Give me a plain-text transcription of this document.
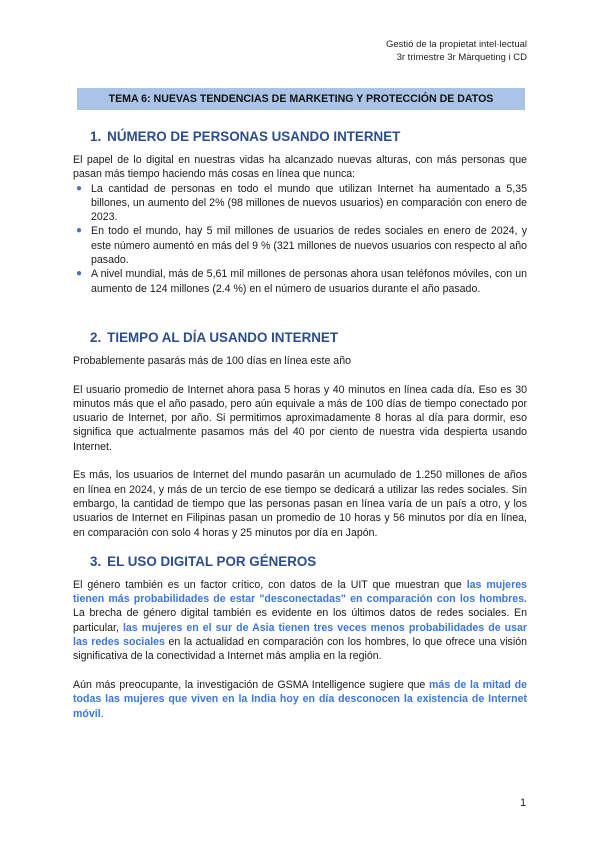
Gestió de la propietat intel·lectual
3r trimestre 3r Màrqueting i CD
TEMA 6: NUEVAS TENDENCIAS DE MARKETING Y PROTECCIÓN DE DATOS
1. NÚMERO DE PERSONAS USANDO INTERNET

El papel de lo digital en nuestras vidas ha alcanzado nuevas alturas, con más personas que pasan más tiempo haciendo más cosas en línea que nunca:

● La cantidad de personas en todo el mundo que utilizan Internet ha aumentado a 5,35 billones, un aumento del 2% (98 millones de nuevos usuarios) en comparación con enero de 2023.
● En todo el mundo, hay 5 mil millones de usuarios de redes sociales en enero de 2024, y este número aumentó en más del 9 % (321 millones de nuevos usuarios con respecto al año pasado.
● A nivel mundial, más de 5,61 mil millones de personas ahora usan teléfonos móviles, con un aumento de 124 millones (2.4 %) en el número de usuarios durante el año pasado.
2. TIEMPO AL DÍA USANDO INTERNET

Probablemente pasarás más de 100 días en línea este año

El usuario promedio de Internet ahora pasa 5 horas y 40 minutos en línea cada día. Eso es 30 minutos más que el año pasado, pero aún equivale a más de 100 días de tiempo conectado por usuario de Internet, por año. Si permitimos aproximadamente 8 horas al día para dormir, eso significa que actualmente pasamos más del 40 por ciento de nuestra vida despierta usando Internet.

Es más, los usuarios de Internet del mundo pasarán un acumulado de 1.250 millones de años en línea en 2024, y más de un tercio de ese tiempo se dedicará a utilizar las redes sociales. Sin embargo, la cantidad de tiempo que las personas pasan en línea varía de un país a otro, y los usuarios de Internet en Filipinas pasan un promedio de 10 horas y 56 minutos por día en línea, en comparación con solo 4 horas y 25 minutos por día en Japón.

3. EL USO DIGITAL POR GÉNEROS

El género también es un factor crítico, con datos de la UIT que muestran que las mujeres tienen más probabilidades de estar "desconectadas" en comparación con los hombres. La brecha de género digital también es evidente en los últimos datos de redes sociales. En particular, las mujeres en el sur de Asia tienen tres veces menos probabilidades de usar las redes sociales en la actualidad en comparación con los hombres, lo que ofrece una visión significativa de la conectividad a Internet más amplia en la región.

Aún más preocupante, la investigación de GSMA Intelligence sugiere que más de la mitad de todas las mujeres que viven en la India hoy en día desconocen la existencia de Internet móvil.

1
